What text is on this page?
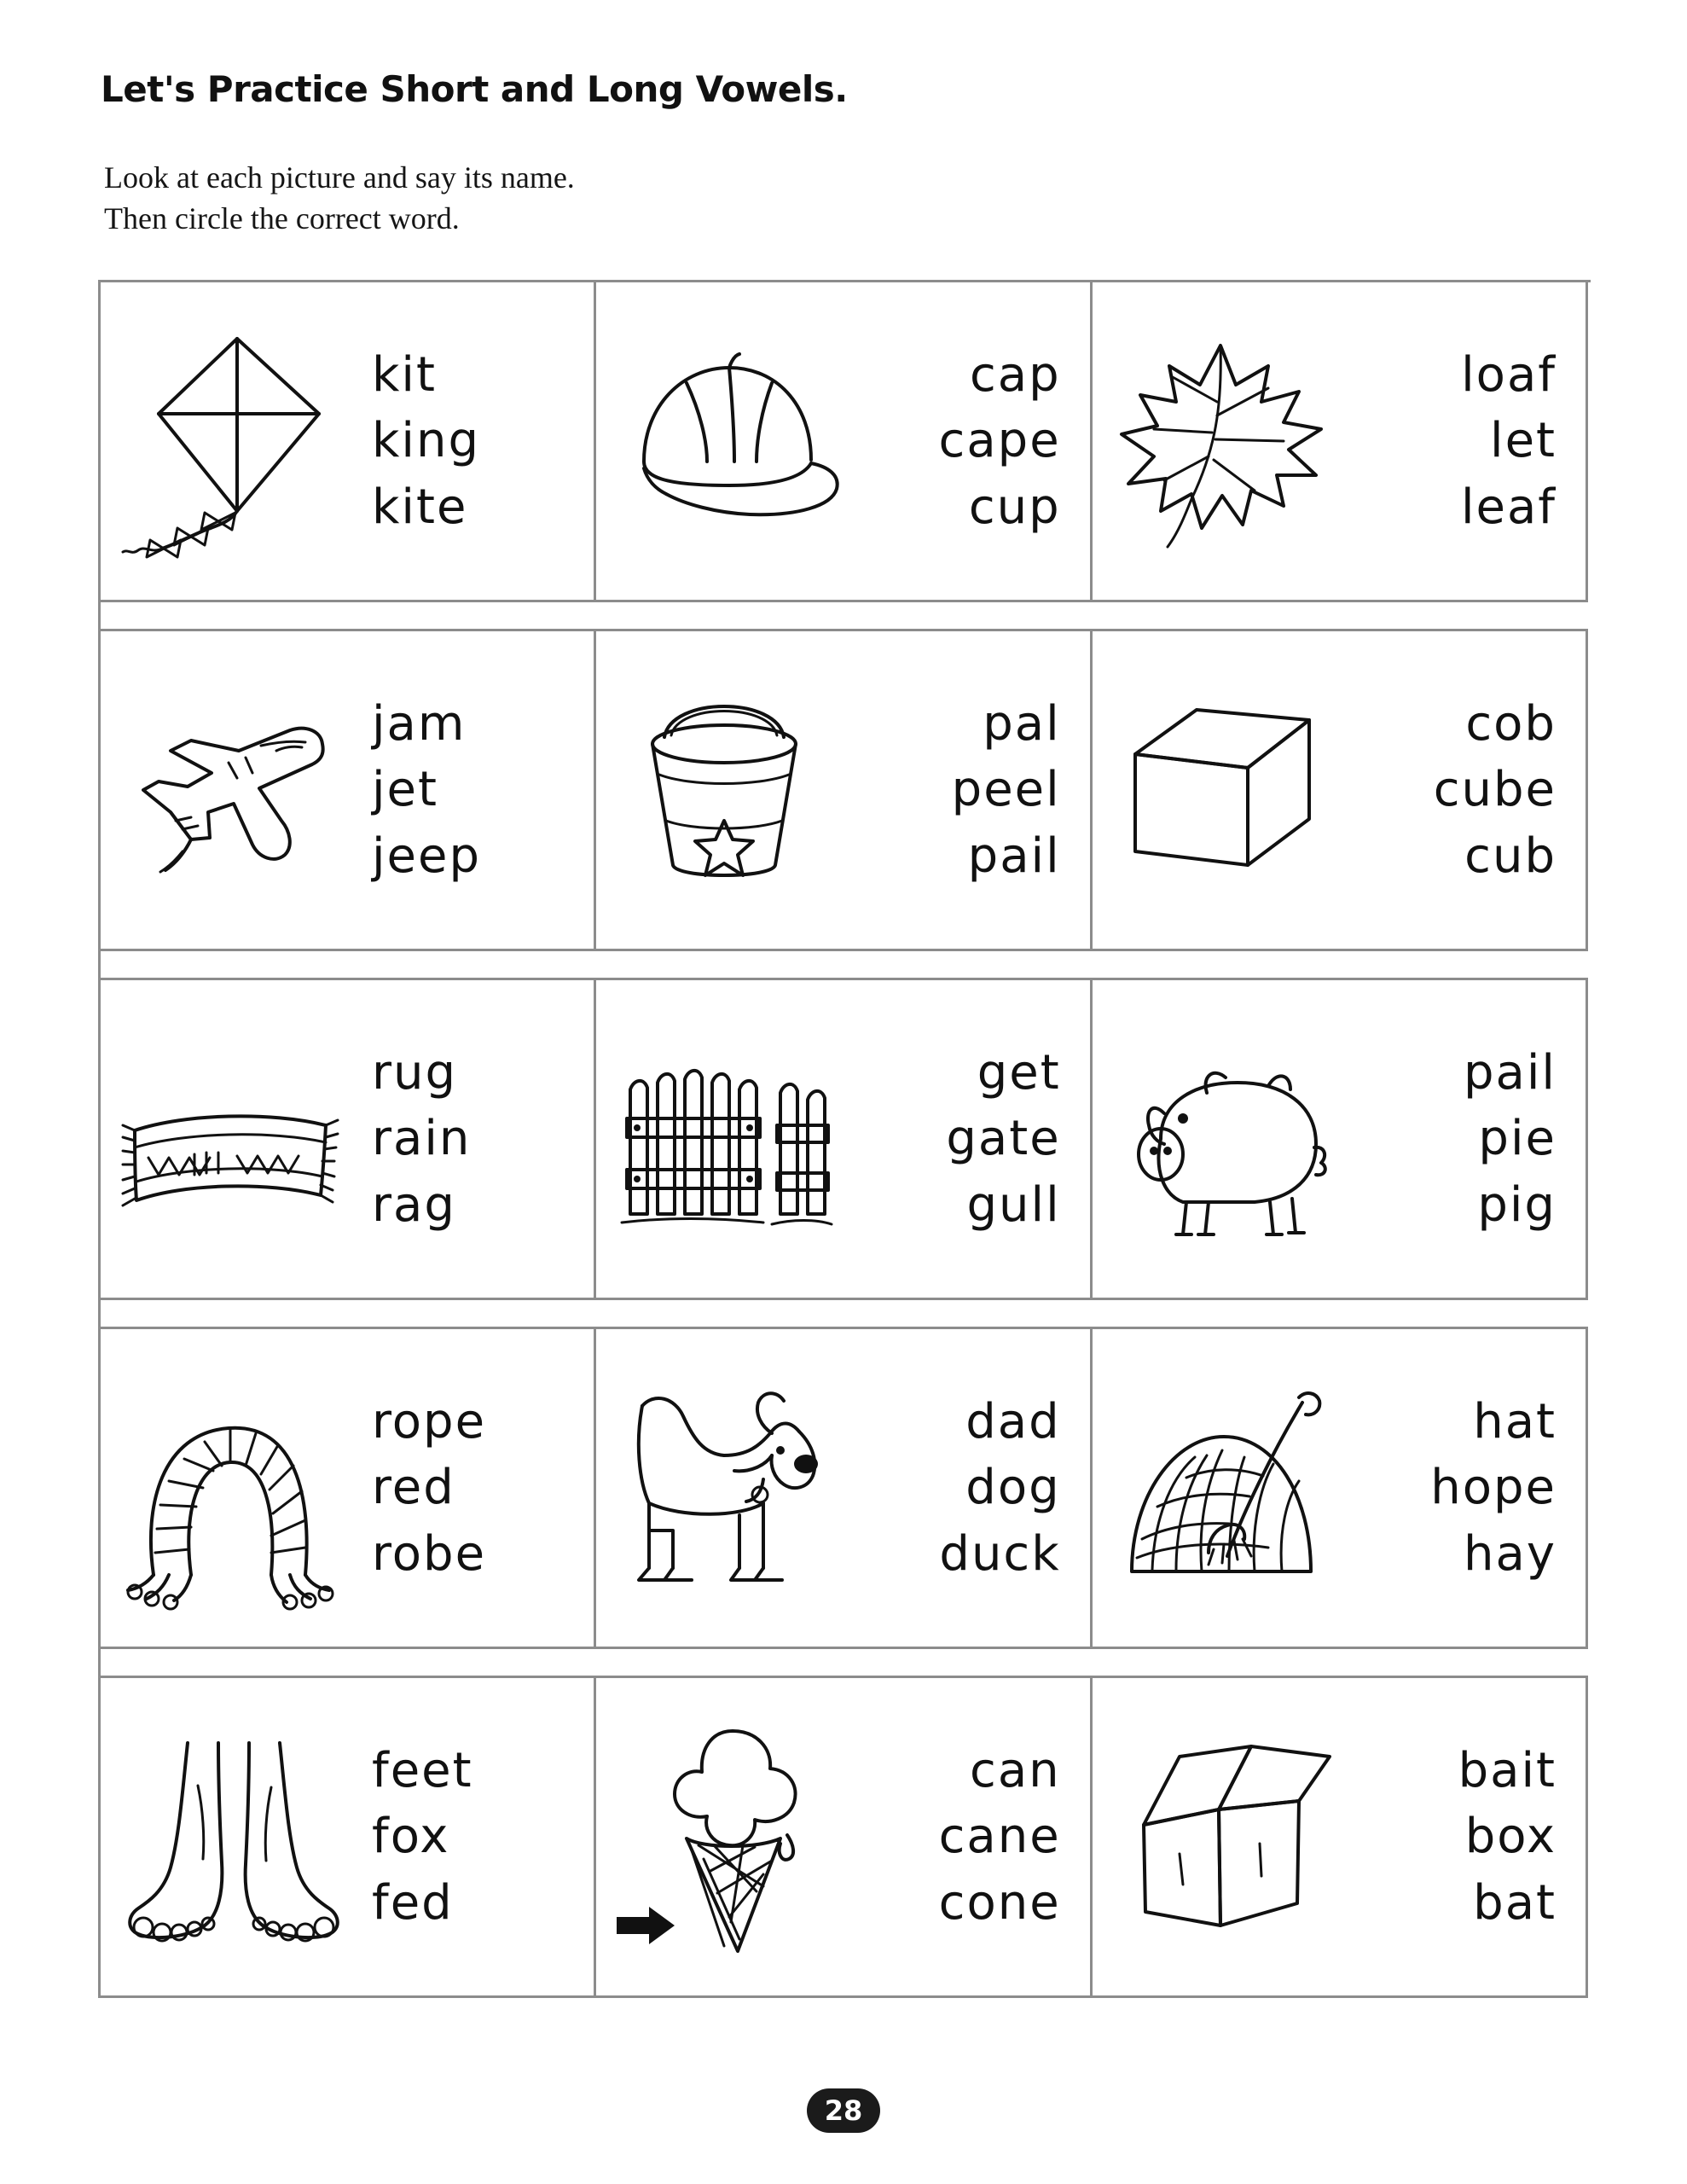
Let's Practice Short and Long Vowels.
Look at each picture and say its name.
Then circle the correct word.
kit
king
kite
cap
cape
cup
loaf
let
leaf
jam
jet
jeep
pal
peel
pail
cob
cube
cub
rug
rain
rag
get
gate
gull
pail
pie
pig
rope
red
robe
dad
dog
duck
hat
hope
hay
feet
fox
fed
can
cane
cone
bait
box
bat
28
